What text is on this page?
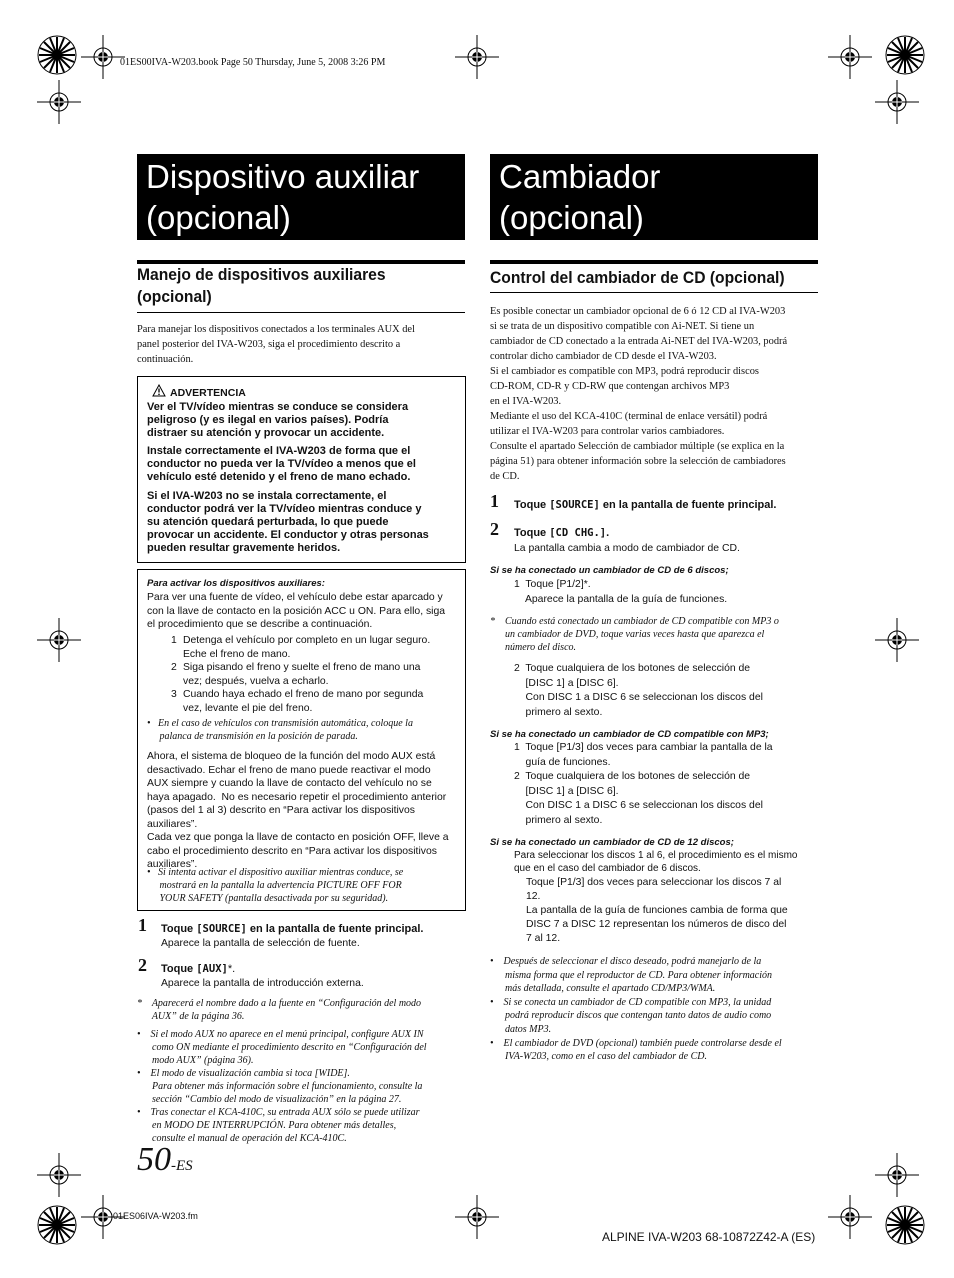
01ES00IVA-W203.book Page 50 Thursday, June 5, 2008 3:26 PM
Dispositivo auxiliar
(opcional)
Manejo de dispositivos auxiliares
(opcional)
Para manejar los dispositivos conectados a los terminales AUX del
panel posterior del IVA-W203, siga el procedimiento descrito a
continuación.
ADVERTENCIA
Ver el TV/vídeo mientras se conduce se considera
peligroso (y es ilegal en varios países). Podría
distraer su atención y provocar un accidente.
Instale correctamente el IVA-W203 de forma que el
conductor no pueda ver la TV/vídeo a menos que el
vehículo esté detenido y el freno de mano echado.
Si el IVA-W203 no se instala correctamente, el
conductor podrá ver la TV/vídeo mientras conduce y
su atención quedará perturbada, lo que puede
provocar un accidente. El conductor y otras personas
pueden resultar gravemente heridos.
Para activar los dispositivos auxiliares:
Para ver una fuente de vídeo, el vehículo debe estar aparcado y
con la llave de contacto en la posición ACC u ON. Para ello, siga
el procedimiento que se describe a continuación.
1 Detenga el vehículo por completo en un lugar seguro.
Eche el freno de mano.
2 Siga pisando el freno y suelte el freno de mano una
vez; después, vuelva a echarlo.
3 Cuando haya echado el freno de mano por segunda
vez, levante el pie del freno.
•   En el caso de vehículos con transmisión automática, coloque la
palanca de transmisión en la posición de parada.
Ahora, el sistema de bloqueo de la función del modo AUX está
desactivado. Echar el freno de mano puede reactivar el modo
AUX siempre y cuando la llave de contacto del vehículo no se
haya apagado.  No es necesario repetir el procedimiento anterior
(pasos del 1 al 3) descrito en “Para activar los dispositivos
auxiliares”.
Cada vez que ponga la llave de contacto en posición OFF, lleve a
cabo el procedimiento descrito en “Para activar los dispositivos
auxiliares”.
•   Si intenta activar el dispositivo auxiliar mientras conduce, se
mostrará en la pantalla la advertencia PICTURE OFF FOR
YOUR SAFETY (pantalla desactivada por su seguridad).
1 Toque [SOURCE] en la pantalla de fuente principal.
Aparece la pantalla de selección de fuente.
2 Toque [AUX]*.
Aparece la pantalla de introducción externa.
*    Aparecerá el nombre dado a la fuente en “Configuración del modo
AUX” de la página 36.
•    Si el modo AUX no aparece en el menú principal, configure AUX IN
como ON mediante el procedimiento descrito en “Configuración del
modo AUX” (página 36).
•    El modo de visualización cambia si toca [WIDE].
Para obtener más información sobre el funcionamiento, consulte la
sección “Cambio del modo de visualización” en la página 27.
•    Tras conectar el KCA-410C, su entrada AUX sólo se puede utilizar
en MODO DE INTERRUPCIÓN. Para obtener más detalles,
consulte el manual de operación del KCA-410C.
Cambiador
(opcional)
Control del cambiador de CD (opcional)
Es posible conectar un cambiador opcional de 6 ó 12 CD al IVA-W203
si se trata de un dispositivo compatible con Ai-NET. Si tiene un
cambiador de CD conectado a la entrada Ai-NET del IVA-W203, podrá
controlar dicho cambiador de CD desde el IVA-W203.
Si el cambiador es compatible con MP3, podrá reproducir discos
CD-ROM, CD-R y CD-RW que contengan archivos MP3
en el IVA-W203.
Mediante el uso del KCA-410C (terminal de enlace versátil) podrá
utilizar el IVA-W203 para controlar varios cambiadores.
Consulte el apartado Selección de cambiador múltiple (se explica en la
página 51) para obtener información sobre la selección de cambiadores
de CD.
1 Toque [SOURCE] en la pantalla de fuente principal.
2 Toque [CD CHG.].
La pantalla cambia a modo de cambiador de CD.
Si se ha conectado un cambiador de CD de 6 discos;
1  Toque [P1/2]*.
Aparece la pantalla de la guía de funciones.
*    Cuando está conectado un cambiador de CD compatible con MP3 o
un cambiador de DVD, toque varias veces hasta que aparezca el
número del disco.
2  Toque cualquiera de los botones de selección de
[DISC 1] a [DISC 6].
Con DISC 1 a DISC 6 se seleccionan los discos del
primero al sexto.
Si se ha conectado un cambiador de CD compatible con MP3;
1  Toque [P1/3] dos veces para cambiar la pantalla de la
guía de funciones.
2  Toque cualquiera de los botones de selección de
[DISC 1] a [DISC 6].
Con DISC 1 a DISC 6 se seleccionan los discos del
primero al sexto.
Si se ha conectado un cambiador de CD de 12 discos;
Para seleccionar los discos 1 al 6, el procedimiento es el mismo
que en el caso del cambiador de 6 discos.
Toque [P1/3] dos veces para seleccionar los discos 7 al
12.
La pantalla de la guía de funciones cambia de forma que
DISC 7 a DISC 12 representan los números de disco del
7 al 12.
•    Después de seleccionar el disco deseado, podrá manejarlo de la
misma forma que el reproductor de CD. Para obtener información
más detallada, consulte el apartado CD/MP3/WMA.
•    Si se conecta un cambiador de CD compatible con MP3, la unidad
podrá reproducir discos que contengan tanto datos de audio como
datos MP3.
•    El cambiador de DVD (opcional) también puede controlarse desde el
IVA-W203, como en el caso del cambiador de CD.
50-ES
01ES06IVA-W203.fm
ALPINE IVA-W203 68-10872Z42-A (ES)
